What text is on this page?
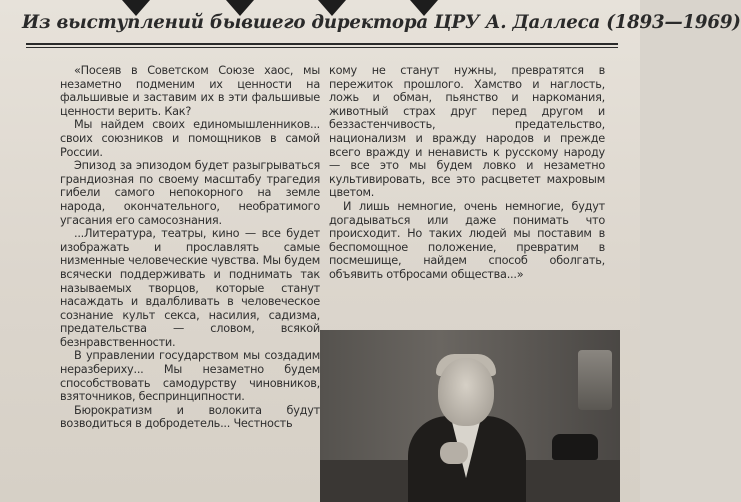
Из выступлений бывшего директора ЦРУ А. Даллеса (1893—1969)

«Посеяв в Советском Союзе хаос, мы незаметно подменим их ценности на фальшивые и заставим их в эти фальшивые ценности верить. Как?

Мы найдем своих единомышленников... своих союзников и помощников в самой России.

Эпизод за эпизодом будет разыгрываться грандиозная по своему масштабу трагедия гибели самого непокорного на земле народа, окончательного, необратимого угасания его самосознания.

...Литература, театры, кино — все будет изображать и прославлять самые низменные человеческие чувства. Мы будем всячески поддерживать и поднимать так называемых творцов, которые станут насаждать и вдалбливать в человеческое сознание культ секса, насилия, садизма, предательства — словом, всякой безнравственности.

В управлении государством мы создадим неразбериху... Мы незаметно будем способствовать самодурству чиновников, взяточников, беспринципности.

Бюрократизм и волокита будут возводиться в добродетель... Честность

кому не станут нужны, превратятся в пережиток прошлого. Хамство и наглость, ложь и обман, пьянство и наркомания, животный страх друг перед другом и беззастенчивость, предательство, национализм и вражду народов и прежде всего вражду и ненависть к русскому народу — все это мы будем ловко и незаметно культивировать, все это расцветет махровым цветом.

И лишь немногие, очень немногие, будут догадываться или даже понимать что происходит. Но таких людей мы поставим в беспомощное положение, превратим в посмешище, найдем способ оболгать, объявить отбросами общества...»
